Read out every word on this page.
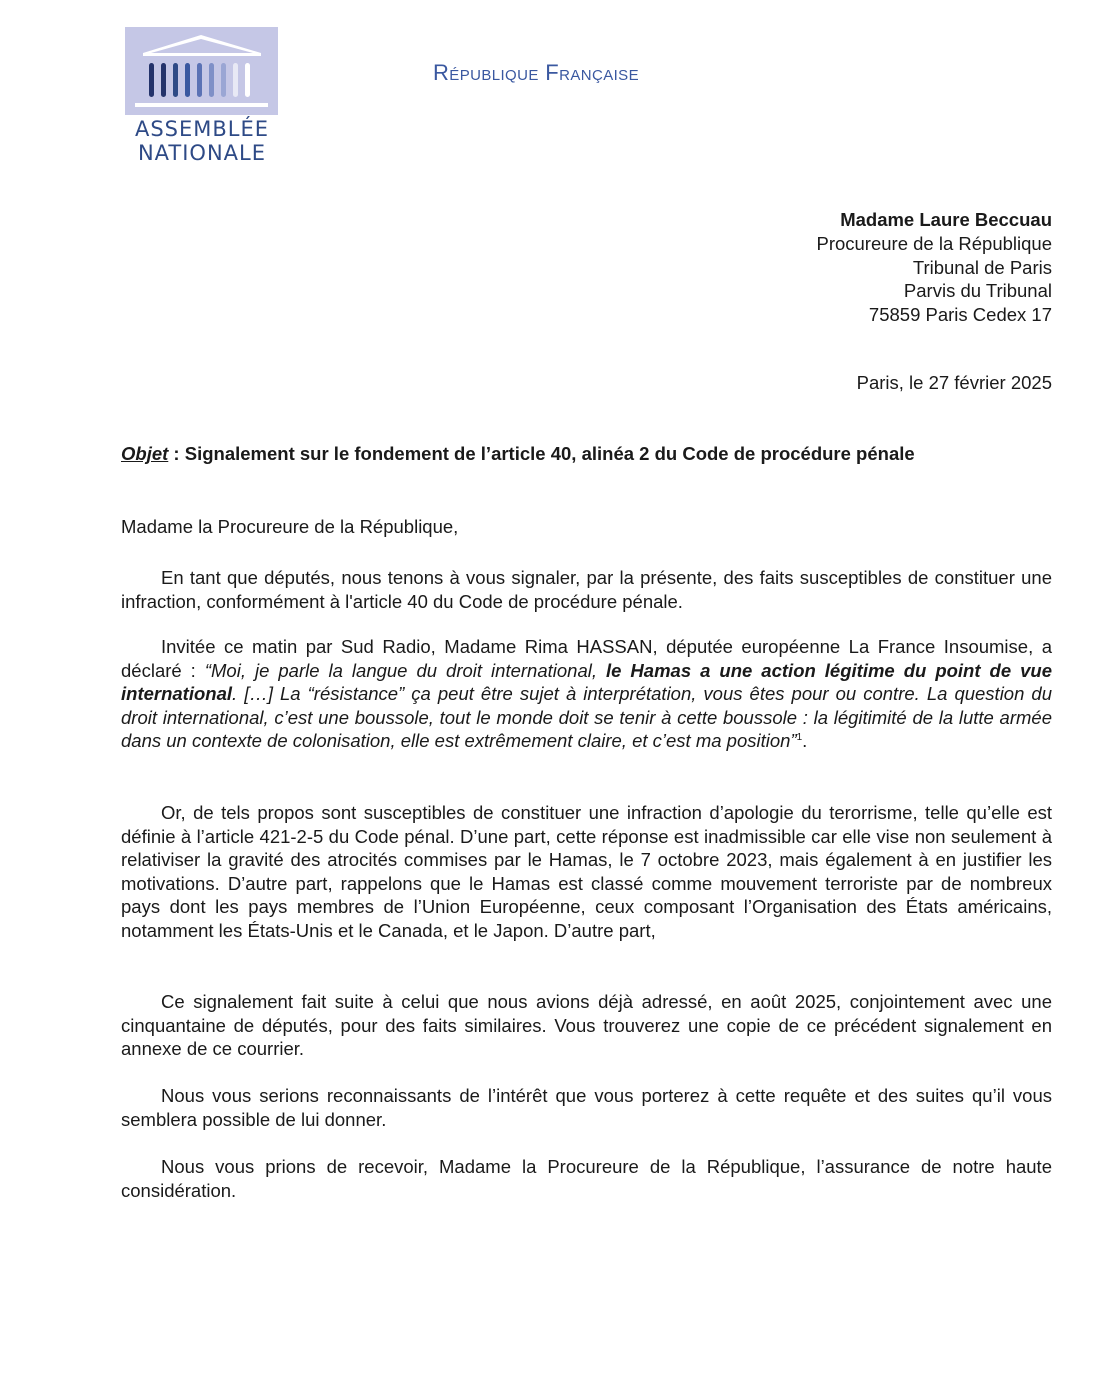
ASSEMBLÉE
NATIONALE
République Française
Madame Laure Beccuau
Procureure de la République
Tribunal de Paris
Parvis du Tribunal
75859 Paris Cedex 17
Paris, le 27 février 2025
Objet : Signalement sur le fondement de l’article 40, alinéa 2 du Code de procédure pénale
Madame la Procureure de la République,
En tant que députés, nous tenons à vous signaler, par la présente, des faits susceptibles de constituer une infraction, conformément à l'article 40 du Code de procédure pénale.
Invitée ce matin par Sud Radio, Madame Rima HASSAN, députée européenne La France Insoumise, a déclaré : “Moi, je parle la langue du droit international, le Hamas a une action légitime du point de vue international. […] La “résistance” ça peut être sujet à interprétation, vous êtes pour ou contre. La question du droit international, c’est une boussole, tout le monde doit se tenir à cette boussole : la légitimité de la lutte armée dans un contexte de colonisation, elle est extrêmement claire, et c’est ma position”$^1$.
Or, de tels propos sont susceptibles de constituer une infraction d’apologie du terorrisme, telle qu’elle est définie à l’article 421-2-5 du Code pénal. D’une part, cette réponse est inadmissible car elle vise non seulement à relativiser la gravité des atrocités commises par le Hamas, le 7 octobre 2023, mais également à en justifier les motivations. D’autre part, rappelons que le Hamas est classé comme mouvement terroriste par de nombreux pays dont les pays membres de l’Union Européenne, ceux composant l’Organisation des États américains, notamment les États-Unis et le Canada, et le Japon. D’autre part,
Ce signalement fait suite à celui que nous avions déjà adressé, en août 2025, conjointement avec une cinquantaine de députés, pour des faits similaires. Vous trouverez une copie de ce précédent signalement en annexe de ce courrier.
Nous vous serions reconnaissants de l’intérêt que vous porterez à cette requête et des suites qu’il vous semblera possible de lui donner.
Nous vous prions de recevoir, Madame la Procureure de la République, l’assurance de notre haute considération.
